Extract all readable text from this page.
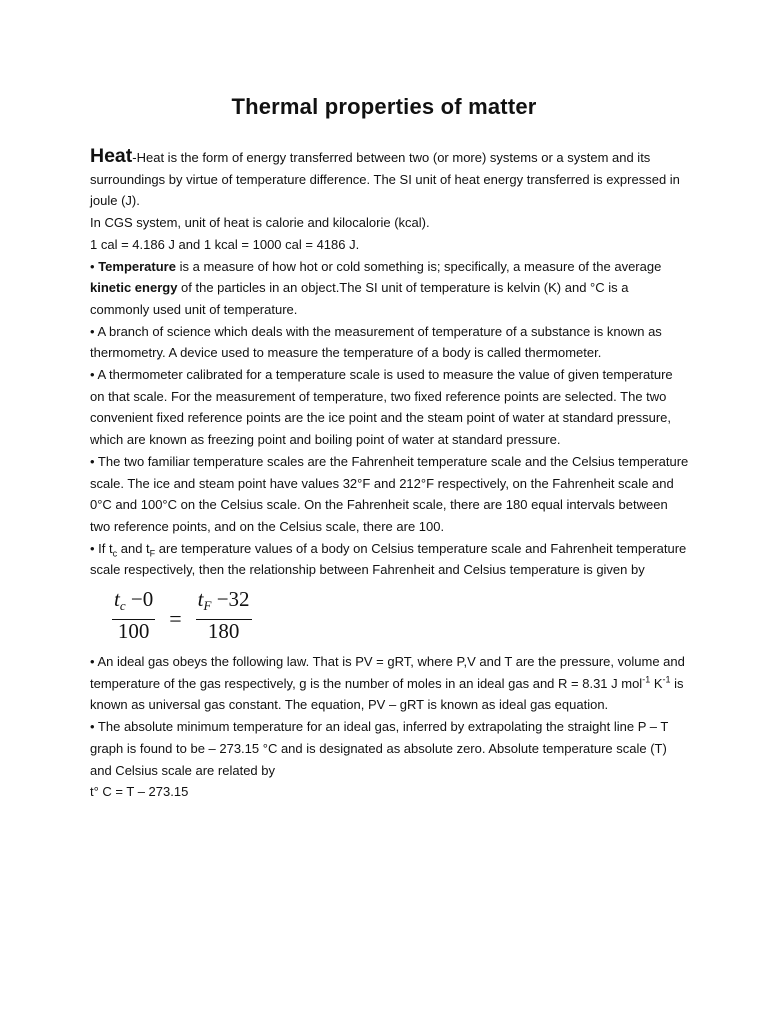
Thermal properties of matter

Heat-Heat is the form of energy transferred between two (or more) systems or a system and its surroundings by virtue of temperature difference. The SI unit of heat energy transferred is expressed in joule (J).

In CGS system, unit of heat is calorie and kilocalorie (kcal).

1 cal = 4.186 J and 1 kcal = 1000 cal = 4186 J.

• Temperature is a measure of how hot or cold something is; specifically, a measure of the average kinetic energy of the particles in an object.The SI unit of temperature is kelvin (K) and °C is a commonly used unit of temperature.

• A branch of science which deals with the measurement of temperature of a substance is known as thermometry. A device used to measure the temperature of a body is called thermometer.

• A thermometer calibrated for a temperature scale is used to measure the value of given temperature on that scale. For the measurement of temperature, two fixed reference points are selected. The two convenient fixed reference points are the ice point and the steam point of water at standard pressure, which are known as freezing point and boiling point of water at standard pressure.

• The two familiar temperature scales are the Fahrenheit temperature scale and the Celsius temperature scale. The ice and steam point have values 32°F and 212°F respectively, on the Fahrenheit scale and 0°C and 100°C on the Celsius scale. On the Fahrenheit scale, there are 180 equal intervals between two reference points, and on the Celsius scale, there are 100.

• If $t_c$ and $t_F$ are temperature values of a body on Celsius temperature scale and Fahrenheit temperature scale respectively, then the relationship between Fahrenheit and Celsius temperature is given by

$\frac{tc -0}{100} = \frac{tF -32}{180}$

• An ideal gas obeys the following law. That is PV = gRT, where P,V and T are the pressure, volume and temperature of the gas respectively, g is the number of moles in an ideal gas and R = 8.31 J mol$^{-1}$ $K^{-1}$ is known as universal gas constant. The equation, PV – gRT is known as ideal gas equation.

• The absolute minimum temperature for an ideal gas, inferred by extrapolating the straight line P – T graph is found to be – 273.15 °C and is designated as absolute zero. Absolute temperature scale (T) and Celsius scale are related by

t° C = T – 273.15
